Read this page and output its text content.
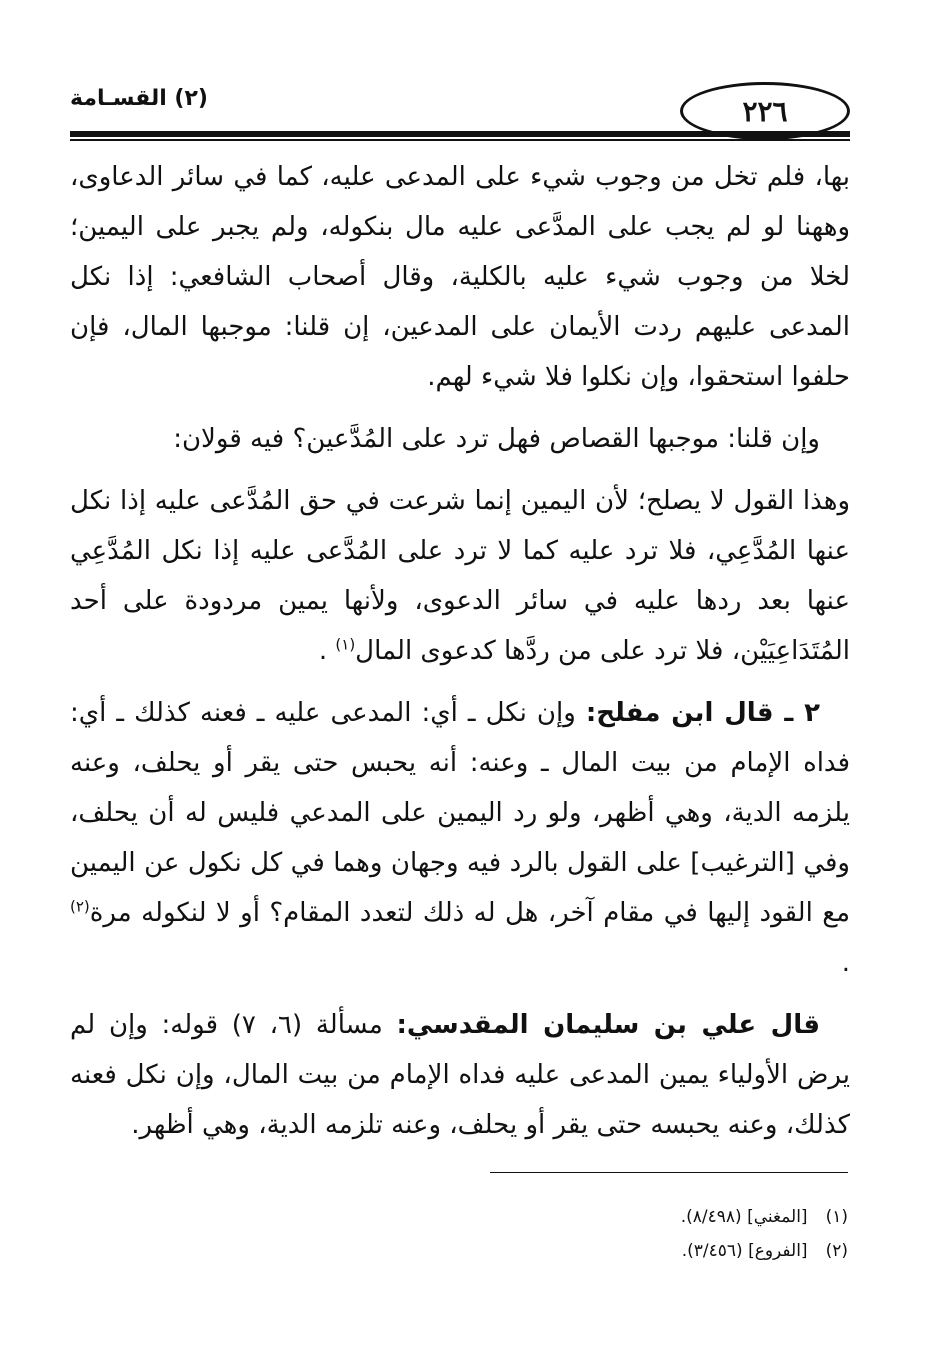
(٢) القسـامة	٢٢٦

بها، فلم تخل من وجوب شيء على المدعى عليه، كما في سائر الدعاوى، وههنا لو لم يجب على المدَّعى عليه مال بنكوله، ولم يجبر على اليمين؛ لخلا من وجوب شيء عليه بالكلية، وقال أصحاب الشافعي: إذا نكل المدعى عليهم ردت الأيمان على المدعين، إن قلنا: موجبها المال، فإن حلفوا استحقوا، وإن نكلوا فلا شيء لهم.

وإن قلنا: موجبها القصاص فهل ترد على المُدَّعين؟ فيه قولان:

وهذا القول لا يصلح؛ لأن اليمين إنما شرعت في حق المُدَّعى عليه إذا نكل عنها المُدَّعِي، فلا ترد عليه كما لا ترد على المُدَّعى عليه إذا نكل المُدَّعِي عنها بعد ردها عليه في سائر الدعوى، ولأنها يمين مردودة على أحد المُتَدَاعِيَيْن، فلا ترد على من ردَّها كدعوى المال$^{(١)}$ .

٢ ـ قال ابن مفلح: وإن نكل ـ أي: المدعى عليه ـ فعنه كذلك ـ أي: فداه الإمام من بيت المال ـ وعنه: أنه يحبس حتى يقر أو يحلف، وعنه يلزمه الدية، وهي أظهر، ولو رد اليمين على المدعي فليس له أن يحلف، وفي [الترغيب] على القول بالرد فيه وجهان وهما في كل نكول عن اليمين مع القود إليها في مقام آخر، هل له ذلك لتعدد المقام؟ أو لا لنكوله مرة$^{(٢)}$ .

قال علي بن سليمان المقدسي: مسألة (٦، ٧) قوله: وإن لم يرض الأولياء يمين المدعى عليه فداه الإمام من بيت المال، وإن نكل فعنه كذلك، وعنه يحبسه حتى يقر أو يحلف، وعنه تلزمه الدية، وهي أظهر.

(١)[المغني] (٨/٤٩٨).
(٢)[الفروع] (٣/٤٥٦).
